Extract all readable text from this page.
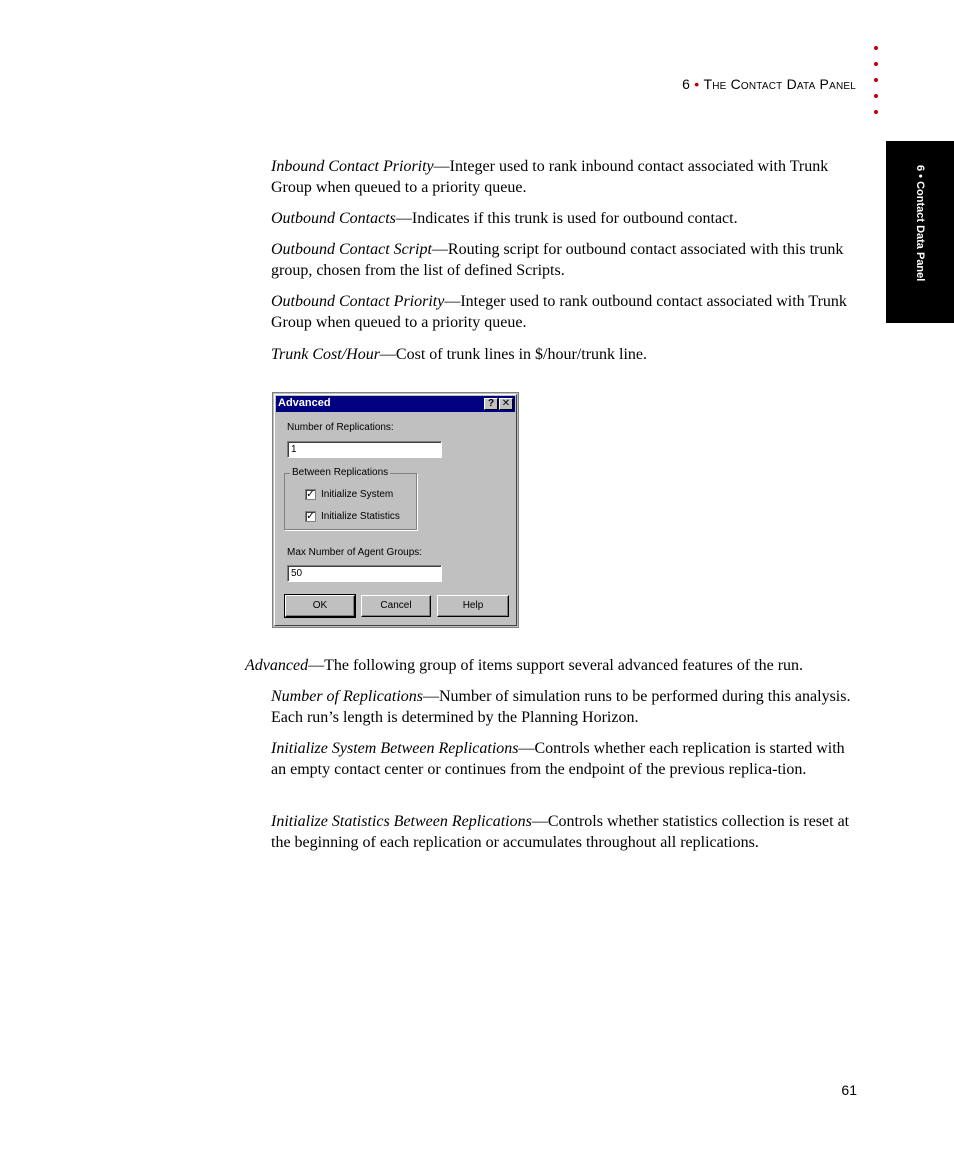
6 • The Contact Data Panel
6 • Contact Data Panel

Inbound Contact Priority—Integer used to rank inbound contact associated with Trunk Group when queued to a priority queue.

Outbound Contacts—Indicates if this trunk is used for outbound contact.

Outbound Contact Script—Routing script for outbound contact associated with this trunk group, chosen from the list of defined Scripts.

Outbound Contact Priority—Integer used to rank outbound contact associated with Trunk Group when queued to a priority queue.

Trunk Cost/Hour—Cost of trunk lines in $/hour/trunk line.

Advanced	? ✕
Number of Replications:
1
Between Replications
✓ Initialize System
✓ Initialize Statistics
Max Number of Agent Groups:
50
OK	Cancel	Help

Advanced—The following group of items support several advanced features of the run.

Number of Replications—Number of simulation runs to be performed during this analysis. Each run’s length is determined by the Planning Horizon.

Initialize System Between Replications—Controls whether each replication is started with an empty contact center or continues from the endpoint of the previous replica-tion.

Initialize Statistics Between Replications—Controls whether statistics collection is reset at the beginning of each replication or accumulates throughout all replications.

61
